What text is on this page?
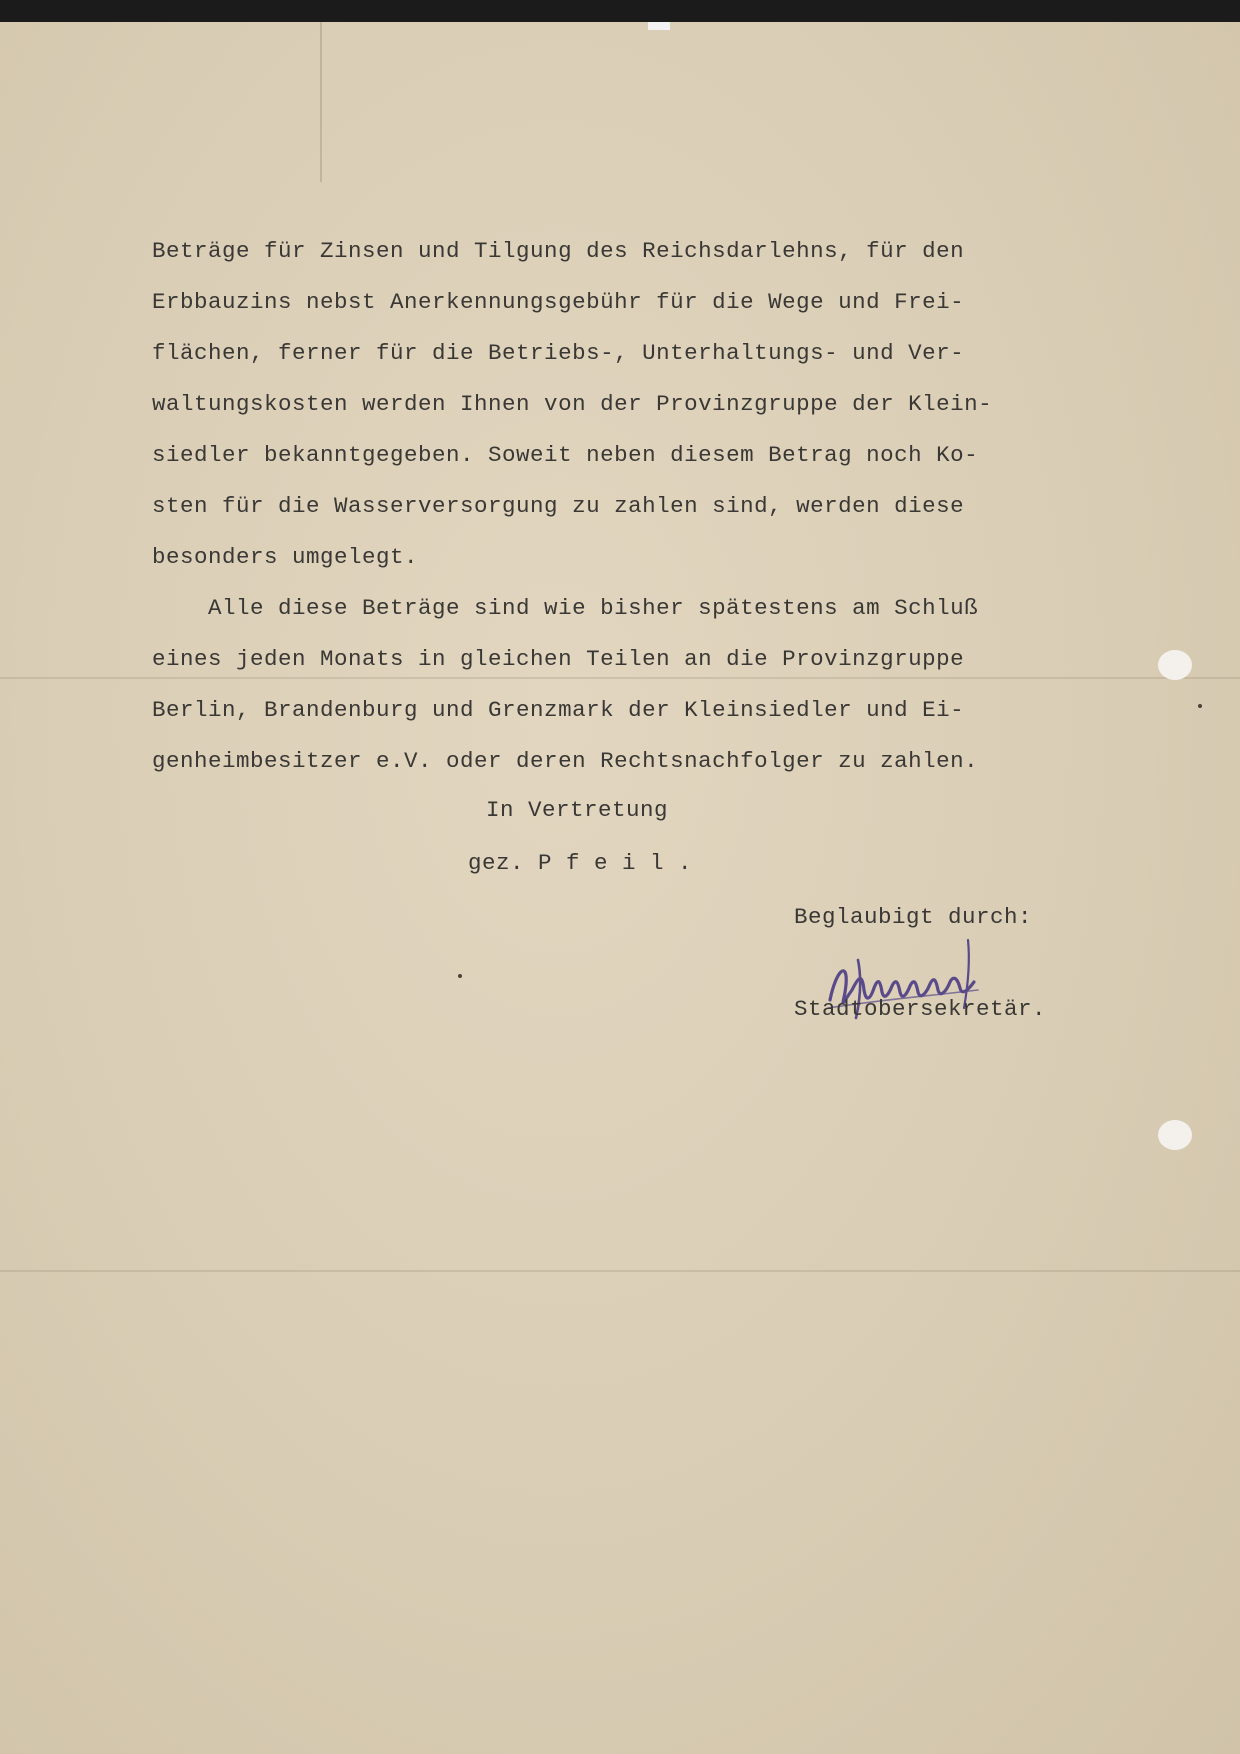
Beträge für Zinsen und Tilgung des Reichsdarlehns, für den

Erbbauzins nebst Anerkennungsgebühr für die Wege und Frei-

flächen, ferner für die Betriebs-, Unterhaltungs- und Ver-

waltungskosten werden Ihnen von der Provinzgruppe der Klein-

siedler bekanntgegeben. Soweit neben diesem Betrag noch Ko-

sten für die Wasserversorgung zu zahlen sind, werden diese

besonders umgelegt.

Alle diese Beträge sind wie bisher spätestens am Schluß

eines jeden Monats in gleichen Teilen an die Provinzgruppe

Berlin, Brandenburg und Grenzmark der Kleinsiedler und Ei-

genheimbesitzer e.V. oder deren Rechtsnachfolger zu zahlen.

In Vertretung

gez. P f e i l .

Beglaubigt durch:

Stadtobersekretär.
